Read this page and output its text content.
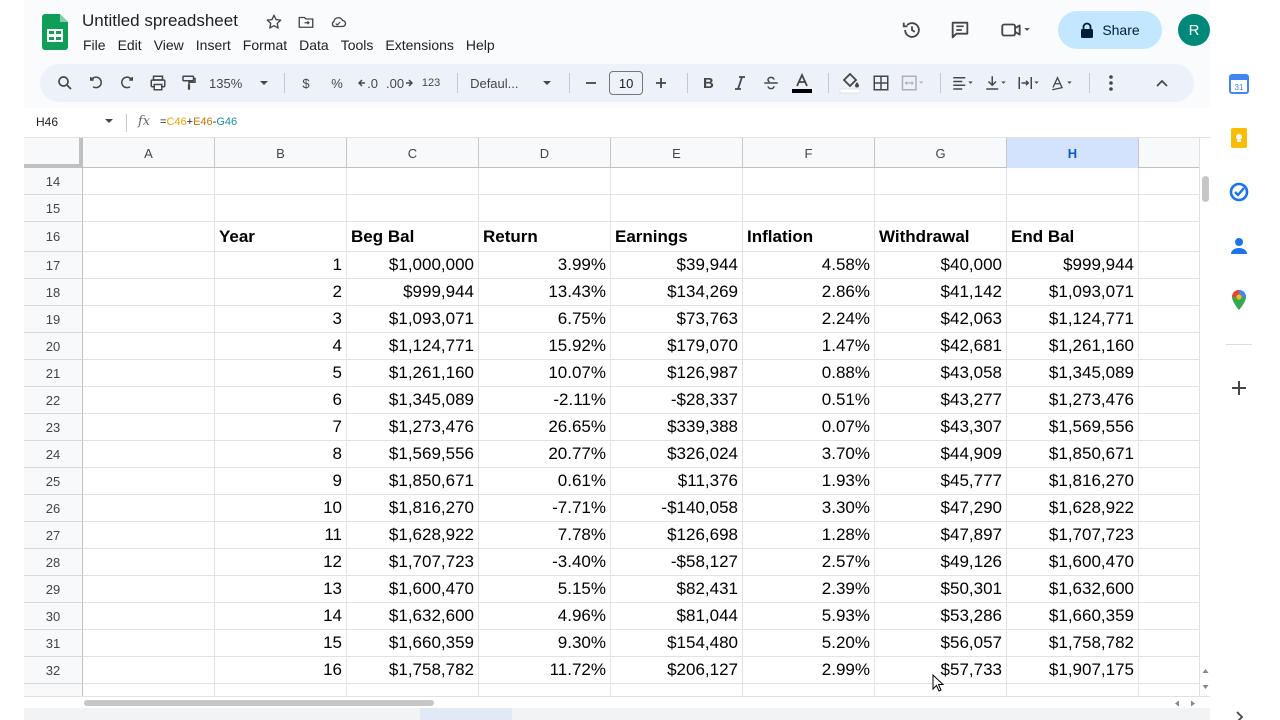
Untitled spreadsheet
File Edit View Insert Format Data Tools Extensions Help
Share	R
135%	$	%	.0 .00	123 Defaul...	10	B
H46	fx =C46+E46-G46
A	B	C	D	E	F	G	H
14
15
16	Year	Beg Bal	Return	Earnings	Inflation	Withdrawal	End Bal
17	1	$1,000,000	3.99%	$39,944	4.58%	$40,000	$999,944
18	2	$999,944	13.43%	$134,269	2.86%	$41,142	$1,093,071
19	3	$1,093,071	6.75%	$73,763	2.24%	$42,063	$1,124,771
20	4	$1,124,771	15.92%	$179,070	1.47%	$42,681	$1,261,160
21	5	$1,261,160	10.07%	$126,987	0.88%	$43,058	$1,345,089
22	6	$1,345,089	-2.11%	-$28,337	0.51%	$43,277	$1,273,476
23	7	$1,273,476	26.65%	$339,388	0.07%	$43,307	$1,569,556
24	8	$1,569,556	20.77%	$326,024	3.70%	$44,909	$1,850,671
25	9	$1,850,671	0.61%	$11,376	1.93%	$45,777	$1,816,270
26	10	$1,816,270	-7.71%	-$140,058	3.30%	$47,290	$1,628,922
27	11	$1,628,922	7.78%	$126,698	1.28%	$47,897	$1,707,723
28	12	$1,707,723	-3.40%	-$58,127	2.57%	$49,126	$1,600,470
29	13	$1,600,470	5.15%	$82,431	2.39%	$50,301	$1,632,600
30	14	$1,632,600	4.96%	$81,044	5.93%	$53,286	$1,660,359
31	15	$1,660,359	9.30%	$154,480	5.20%	$56,057	$1,758,782
32	16	$1,758,782	11.72%	$206,127	2.99%	$57,733	$1,907,175
31
